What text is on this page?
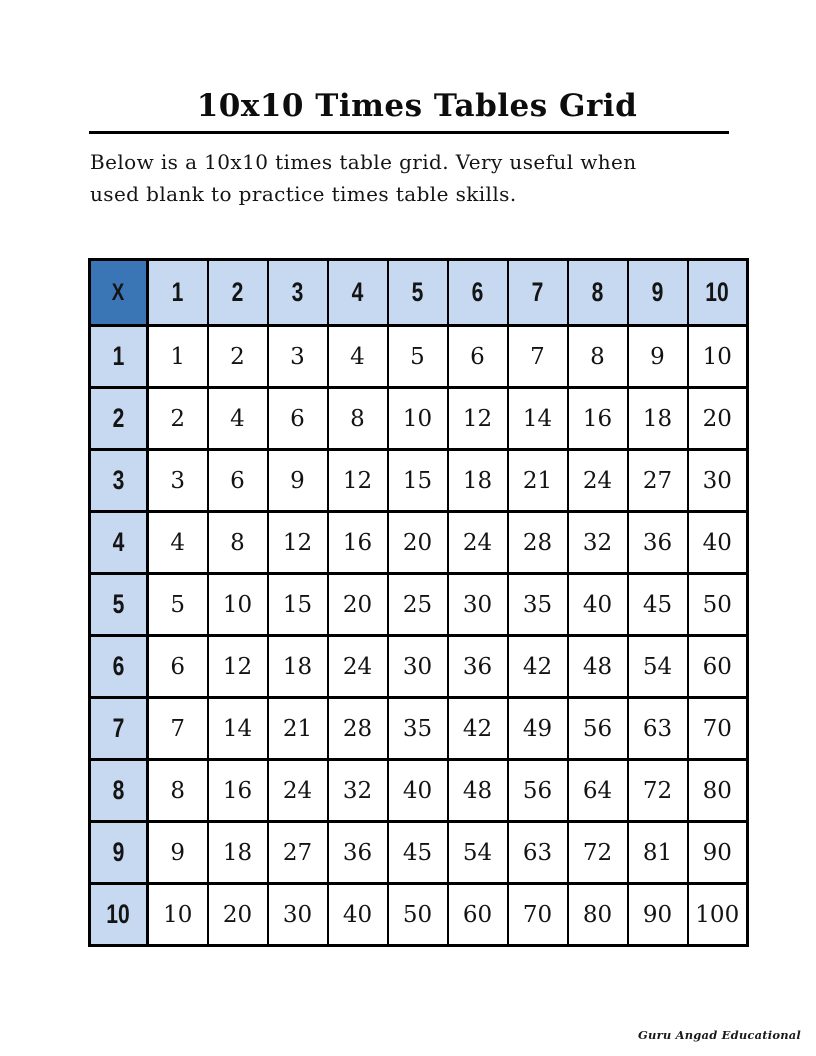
10x10 Times Tables Grid

Below is a 10x10 times table grid. Very useful when
used blank to practice times table skills.

X	1	2	3	4	5	6	7	8	9	10
1	1	2	3	4	5	6	7	8	9	10
2	2	4	6	8	10	12	14	16	18	20
3	3	6	9	12	15	18	21	24	27	30
4	4	8	12	16	20	24	28	32	36	40
5	5	10	15	20	25	30	35	40	45	50
6	6	12	18	24	30	36	42	48	54	60
7	7	14	21	28	35	42	49	56	63	70
8	8	16	24	32	40	48	56	64	72	80
9	9	18	27	36	45	54	63	72	81	90
10	10	20	30	40	50	60	70	80	90	100
Guru Angad Educational
